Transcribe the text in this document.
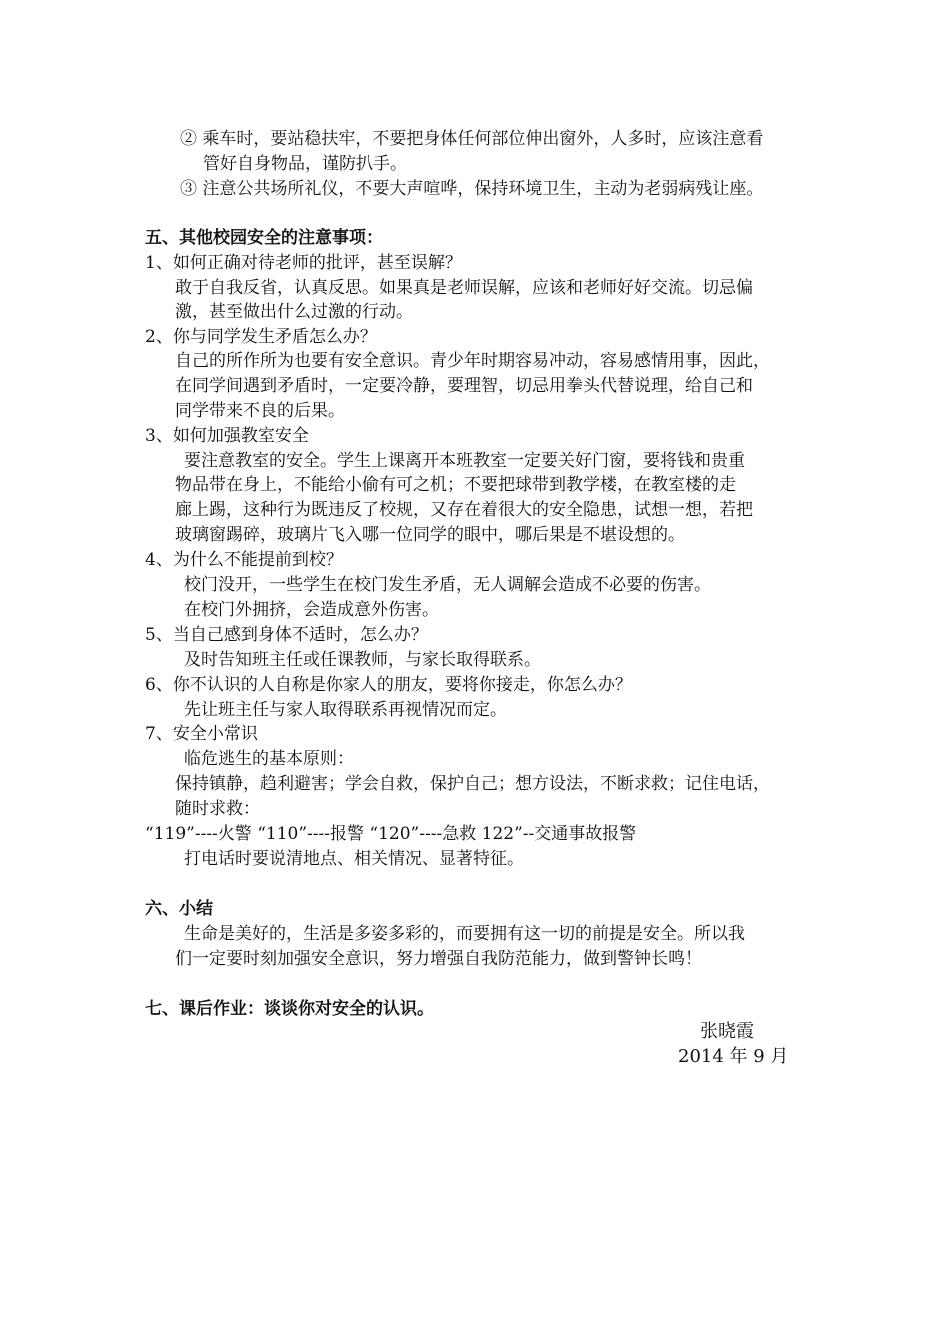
② 乘车时，要站稳扶牢，不要把身体任何部位伸出窗外，人多时，应该注意看
管好自身物品，谨防扒手。
③ 注意公共场所礼仪，不要大声喧哗，保持环境卫生，主动为老弱病残让座。
五、其他校园安全的注意事项：
1、如何正确对待老师的批评，甚至误解？
敢于自我反省，认真反思。如果真是老师误解，应该和老师好好交流。切忌偏
激，甚至做出什么过激的行动。
2、你与同学发生矛盾怎么办？
自己的所作所为也要有安全意识。青少年时期容易冲动，容易感情用事，因此，
在同学间遇到矛盾时，一定要冷静，要理智，切忌用拳头代替说理，给自己和
同学带来不良的后果。
3、如何加强教室安全
要注意教室的安全。学生上课离开本班教室一定要关好门窗，要将钱和贵重
物品带在身上，不能给小偷有可之机；不要把球带到教学楼，在教室楼的走
廊上踢，这种行为既违反了校规，又存在着很大的安全隐患，试想一想，若把
玻璃窗踢碎，玻璃片飞入哪一位同学的眼中，哪后果是不堪设想的。
4、为什么不能提前到校？
校门没开，一些学生在校门发生矛盾，无人调解会造成不必要的伤害。
在校门外拥挤，会造成意外伤害。
5、当自己感到身体不适时，怎么办？
及时告知班主任或任课教师，与家长取得联系。
6、你不认识的人自称是你家人的朋友，要将你接走，你怎么办？
先让班主任与家人取得联系再视情况而定。
7、安全小常识
临危逃生的基本原则：
保持镇静，趋利避害；学会自救，保护自己；想方设法，不断求救；记住电话，
随时求救：
“119”----火警 “110”----报警 “120”----急救 122”--交通事故报警
打电话时要说清地点、相关情况、显著特征。
六、小结
生命是美好的，生活是多姿多彩的，而要拥有这一切的前提是安全。所以我
们一定要时刻加强安全意识，努力增强自我防范能力，做到警钟长鸣！
七、课后作业：谈谈你对安全的认识。
张晓霞
2014 年 9 月
